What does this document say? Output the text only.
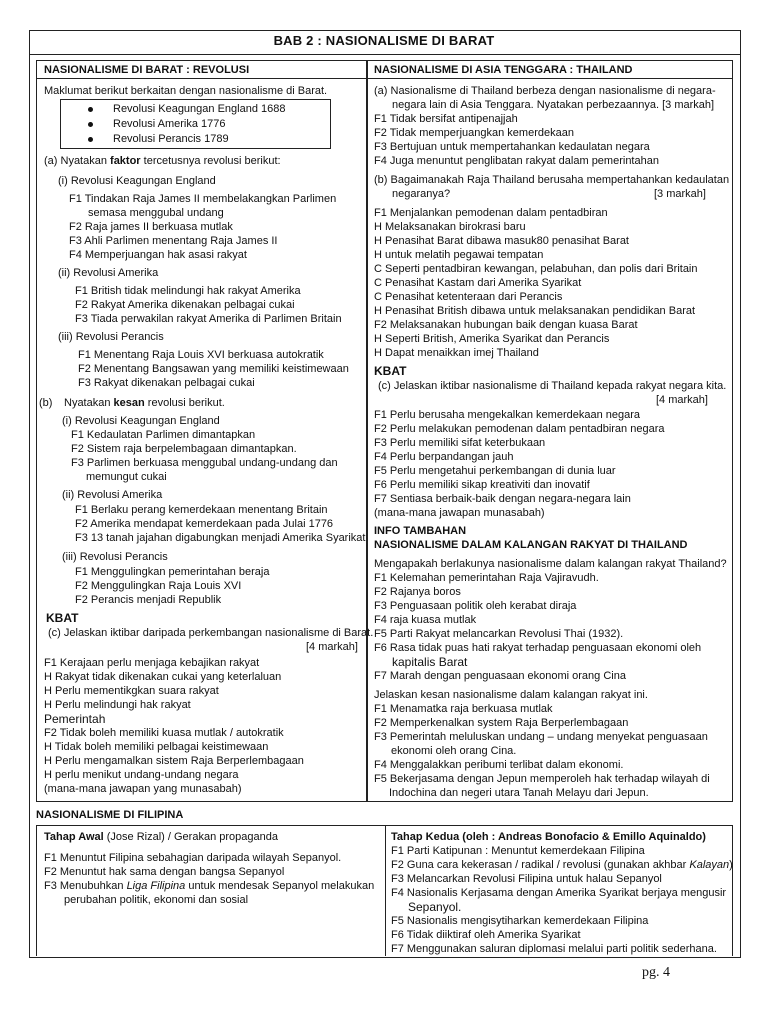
BAB 2 : NASIONALISME DI BARAT
NASIONALISME DI BARAT : REVOLUSI
Maklumat berikut berkaitan dengan nasionalisme di Barat.
Revolusi Keagungan England 1688
Revolusi Amerika 1776
Revolusi Perancis 1789
(a) Nyatakan faktor tercetusnya revolusi berikut:
(i) Revolusi Keagungan England
F1 Tindakan Raja James II membelakangkan Parlimen
semasa menggubal undang
F2 Raja james II berkuasa mutlak
F3 Ahli Parlimen menentang Raja James II
F4 Memperjuangan hak asasi rakyat
(ii) Revolusi Amerika
F1 British tidak melindungi hak rakyat Amerika
F2 Rakyat Amerika dikenakan pelbagai cukai
F3 Tiada perwakilan rakyat Amerika di Parlimen Britain
(iii) Revolusi Perancis
F1 Menentang Raja Louis XVI berkuasa autokratik
F2 Menentang Bangsawan yang memiliki keistimewaan
F3 Rakyat dikenakan pelbagai cukai
(b) Nyatakan kesan revolusi berikut.
(i) Revolusi Keagungan England
F1 Kedaulatan Parlimen dimantapkan
F2 Sistem raja berpelembagaan dimantapkan.
F3 Parlimen berkuasa menggubal undang-undang dan
memungut cukai
(ii) Revolusi Amerika
F1 Berlaku perang kemerdekaan menentang Britain
F2 Amerika mendapat kemerdekaan pada Julai 1776
F3 13 tanah jajahan digabungkan menjadi Amerika Syarikat
(iii) Revolusi Perancis
F1 Menggulingkan pemerintahan beraja
F2 Menggulingkan Raja Louis XVI
F2 Perancis menjadi Republik
KBAT
(c) Jelaskan iktibar daripada perkembangan nasionalisme di Barat.
[4 markah]
F1 Kerajaan perlu menjaga kebajikan rakyat
H Rakyat tidak dikenakan cukai yang keterlaluan
H Perlu mementikgkan suara rakyat
H Perlu melindungi hak rakyat
Pemerintah
F2 Tidak boleh memiliki kuasa mutlak / autokratik
H Tidak boleh memiliki pelbagai keistimewaan
H Perlu mengamalkan sistem Raja Berperlembagaan
H perlu menikut undang-undang negara
(mana-mana jawapan yang munasabah)
NASIONALISME DI ASIA TENGGARA : THAILAND
(a) Nasionalisme di Thailand berbeza dengan nasionalisme di negara-
negara lain di Asia Tenggara. Nyatakan perbezaannya. [3 markah]
F1 Tidak bersifat antipenajjah
F2 Tidak memperjuangkan kemerdekaan
F3 Bertujuan untuk mempertahankan kedaulatan negara
F4 Juga menuntut penglibatan rakyat dalam pemerintahan
(b) Bagaimanakah Raja Thailand berusaha mempertahankan kedaulatan
negaranya?	[3 markah]
F1 Menjalankan pemodenan dalam pentadbiran
H Melaksanakan birokrasi baru
H Penasihat Barat dibawa masuk80 penasihat Barat
H untuk melatih pegawai tempatan
C Seperti pentadbiran kewangan, pelabuhan, dan polis dari Britain
C Penasihat Kastam dari Amerika Syarikat
C Penasihat ketenteraan dari Perancis
H Penasihat British dibawa untuk melaksanakan pendidikan Barat
F2 Melaksanakan hubungan baik dengan kuasa Barat
H Seperti British, Amerika Syarikat dan Perancis
H Dapat menaikkan imej Thailand
KBAT
(c) Jelaskan iktibar nasionalisme di Thailand kepada rakyat negara kita.
[4 markah]
F1 Perlu berusaha mengekalkan kemerdekaan negara
F2 Perlu melakukan pemodenan dalam pentadbiran negara
F3 Perlu memiliki sifat keterbukaan
F4 Perlu berpandangan jauh
F5 Perlu mengetahui perkembangan di dunia luar
F6 Perlu memiliki sikap kreativiti dan inovatif
F7 Sentiasa berbaik-baik dengan negara-negara lain
(mana-mana jawapan munasabah)
INFO TAMBAHAN
NASIONALISME DALAM KALANGAN RAKYAT DI THAILAND
Mengapakah berlakunya nasionalisme dalam kalangan rakyat Thailand?
F1 Kelemahan pemerintahan Raja Vajiravudh.
F2 Rajanya boros
F3 Penguasaan politik oleh kerabat diraja
F4 raja kuasa mutlak
F5 Parti Rakyat melancarkan Revolusi Thai (1932).
F6 Rasa tidak puas hati rakyat terhadap penguasaan ekonomi oleh
kapitalis Barat
F7 Marah dengan penguasaan ekonomi orang Cina
Jelaskan kesan nasionalisme dalam kalangan rakyat ini.
F1 Menamatka raja berkuasa mutlak
F2 Memperkenalkan system Raja Berperlembagaan
F3 Pemerintah meluluskan undang – undang menyekat penguasaan
ekonomi oleh orang Cina.
F4 Menggalakkan peribumi terlibat dalam ekonomi.
F5 Bekerjasama dengan Jepun memperoleh hak terhadap wilayah di
Indochina dan negeri utara Tanah Melayu dari Jepun.
NASIONALISME DI FILIPINA
Tahap Awal (Jose Rizal) / Gerakan propaganda
F1 Menuntut Filipina sebahagian daripada wilayah Sepanyol.
F2 Menuntut hak sama dengan bangsa Sepanyol
F3 Menubuhkan Liga Filipina untuk mendesak Sepanyol melakukan
perubahan politik, ekonomi dan sosial
Tahap Kedua (oleh : Andreas Bonofacio & Emillo Aquinaldo)
F1 Parti Katipunan : Menuntut kemerdekaan Filipina
F2 Guna cara kekerasan / radikal / revolusi (gunakan akhbar Kalayan)
F3 Melancarkan Revolusi Filipina untuk halau Sepanyol
F4 Nasionalis Kerjasama dengan Amerika Syarikat berjaya mengusir
Sepanyol.
F5 Nasionalis mengisytiharkan kemerdekaan Filipina
F6 Tidak diiktiraf oleh Amerika Syarikat
F7 Menggunakan saluran diplomasi melalui parti politik sederhana.
pg. 4
